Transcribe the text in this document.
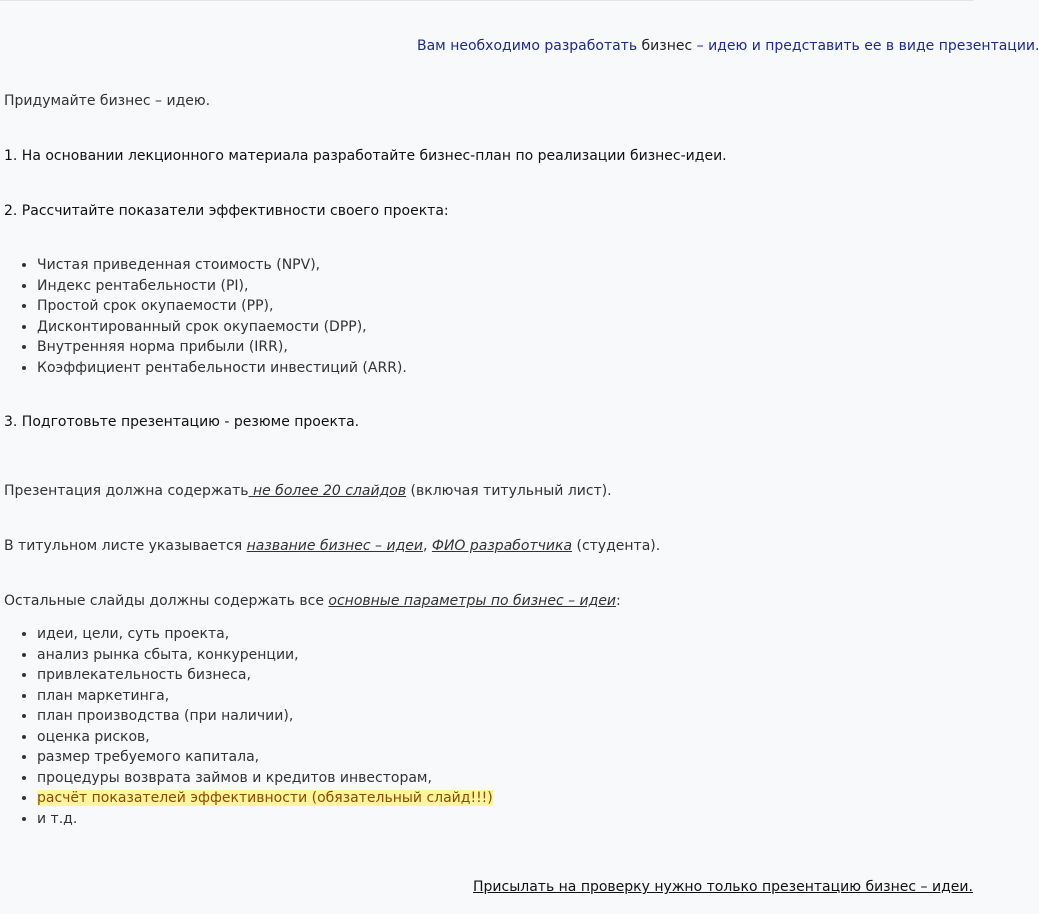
Вам необходимо разработать бизнес – идею и представить ее в виде презентации.
Придумайте бизнес – идею.
1. На основании лекционного материала разработайте бизнес-план по реализации бизнес-идеи.
2. Рассчитайте показатели эффективности своего проекта:
• Чистая приведенная стоимость (NPV),
• Индекс рентабельности (PI),
• Простой срок окупаемости (PP),
• Дисконтированный срок окупаемости (DPP),
• Внутренняя норма прибыли (IRR),
• Коэффициент рентабельности инвестиций (ARR).
3. Подготовьте презентацию - резюме проекта.
Презентация должна содержать не более 20 слайдов (включая титульный лист).
В титульном листе указывается название бизнес – идеи, ФИО разработчика (студента).
Остальные слайды должны содержать все основные параметры по бизнес – идеи:
• идеи, цели, суть проекта,
• анализ рынка сбыта, конкуренции,
• привлекательность бизнеса,
• план маркетинга,
• план производства (при наличии),
• оценка рисков,
• размер требуемого капитала,
• процедуры возврата займов и кредитов инвесторам,
• расчёт показателей эффективности (обязательный слайд!!!)
• и т.д.
Присылать на проверку нужно только презентацию бизнес – идеи.
